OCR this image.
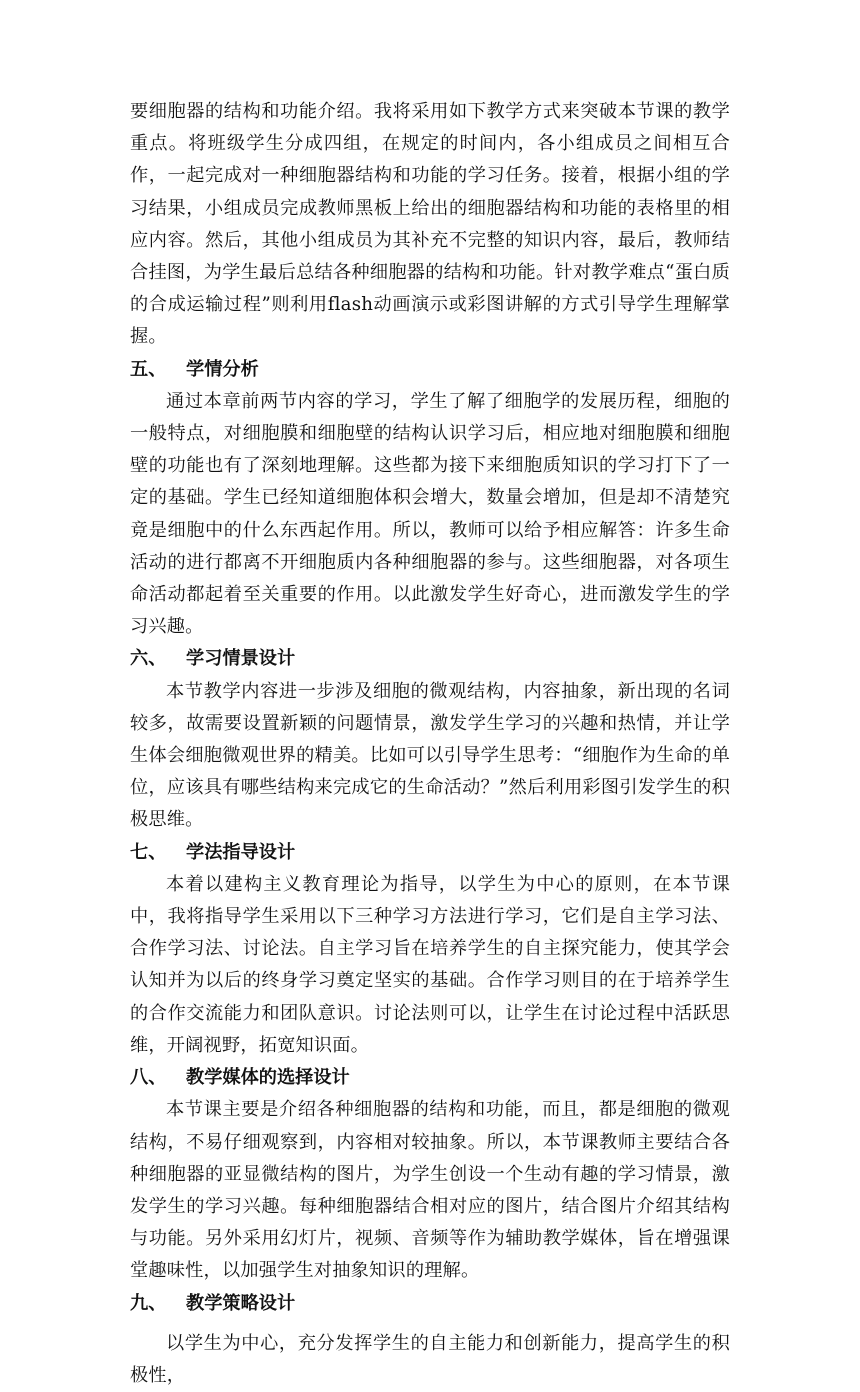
要细胞器的结构和功能介绍。我将采用如下教学方式来突破本节课的教学重点。将班级学生分成四组，在规定的时间内，各小组成员之间相互合作，一起完成对一种细胞器结构和功能的学习任务。接着，根据小组的学习结果，小组成员完成教师黑板上给出的细胞器结构和功能的表格里的相应内容。然后，其他小组成员为其补充不完整的知识内容，最后，教师结合挂图，为学生最后总结各种细胞器的结构和功能。针对教学难点“蛋白质的合成运输过程”则利用flash动画演示或彩图讲解的方式引导学生理解掌握。

五、 学情分析

通过本章前两节内容的学习，学生了解了细胞学的发展历程，细胞的一般特点，对细胞膜和细胞壁的结构认识学习后，相应地对细胞膜和细胞壁的功能也有了深刻地理解。这些都为接下来细胞质知识的学习打下了一定的基础。学生已经知道细胞体积会增大，数量会增加，但是却不清楚究竟是细胞中的什么东西起作用。所以，教师可以给予相应解答：许多生命活动的进行都离不开细胞质内各种细胞器的参与。这些细胞器，对各项生命活动都起着至关重要的作用。以此激发学生好奇心，进而激发学生的学习兴趣。

六、 学习情景设计

本节教学内容进一步涉及细胞的微观结构，内容抽象，新出现的名词较多，故需要设置新颖的问题情景，激发学生学习的兴趣和热情，并让学生体会细胞微观世界的精美。比如可以引导学生思考：“细胞作为生命的单位，应该具有哪些结构来完成它的生命活动？”然后利用彩图引发学生的积极思维。

七、 学法指导设计

本着以建构主义教育理论为指导，以学生为中心的原则，在本节课中，我将指导学生采用以下三种学习方法进行学习，它们是自主学习法、合作学习法、讨论法。自主学习旨在培养学生的自主探究能力，使其学会认知并为以后的终身学习奠定坚实的基础。合作学习则目的在于培养学生的合作交流能力和团队意识。讨论法则可以，让学生在讨论过程中活跃思维，开阔视野，拓宽知识面。

八、 教学媒体的选择设计

本节课主要是介绍各种细胞器的结构和功能，而且，都是细胞的微观结构，不易仔细观察到，内容相对较抽象。所以，本节课教师主要结合各种细胞器的亚显微结构的图片，为学生创设一个生动有趣的学习情景，激发学生的学习兴趣。每种细胞器结合相对应的图片，结合图片介绍其结构与功能。另外采用幻灯片，视频、音频等作为辅助教学媒体，旨在增强课堂趣味性，以加强学生对抽象知识的理解。

九、 教学策略设计

以学生为中心，充分发挥学生的自主能力和创新能力，提高学生的积极性，
